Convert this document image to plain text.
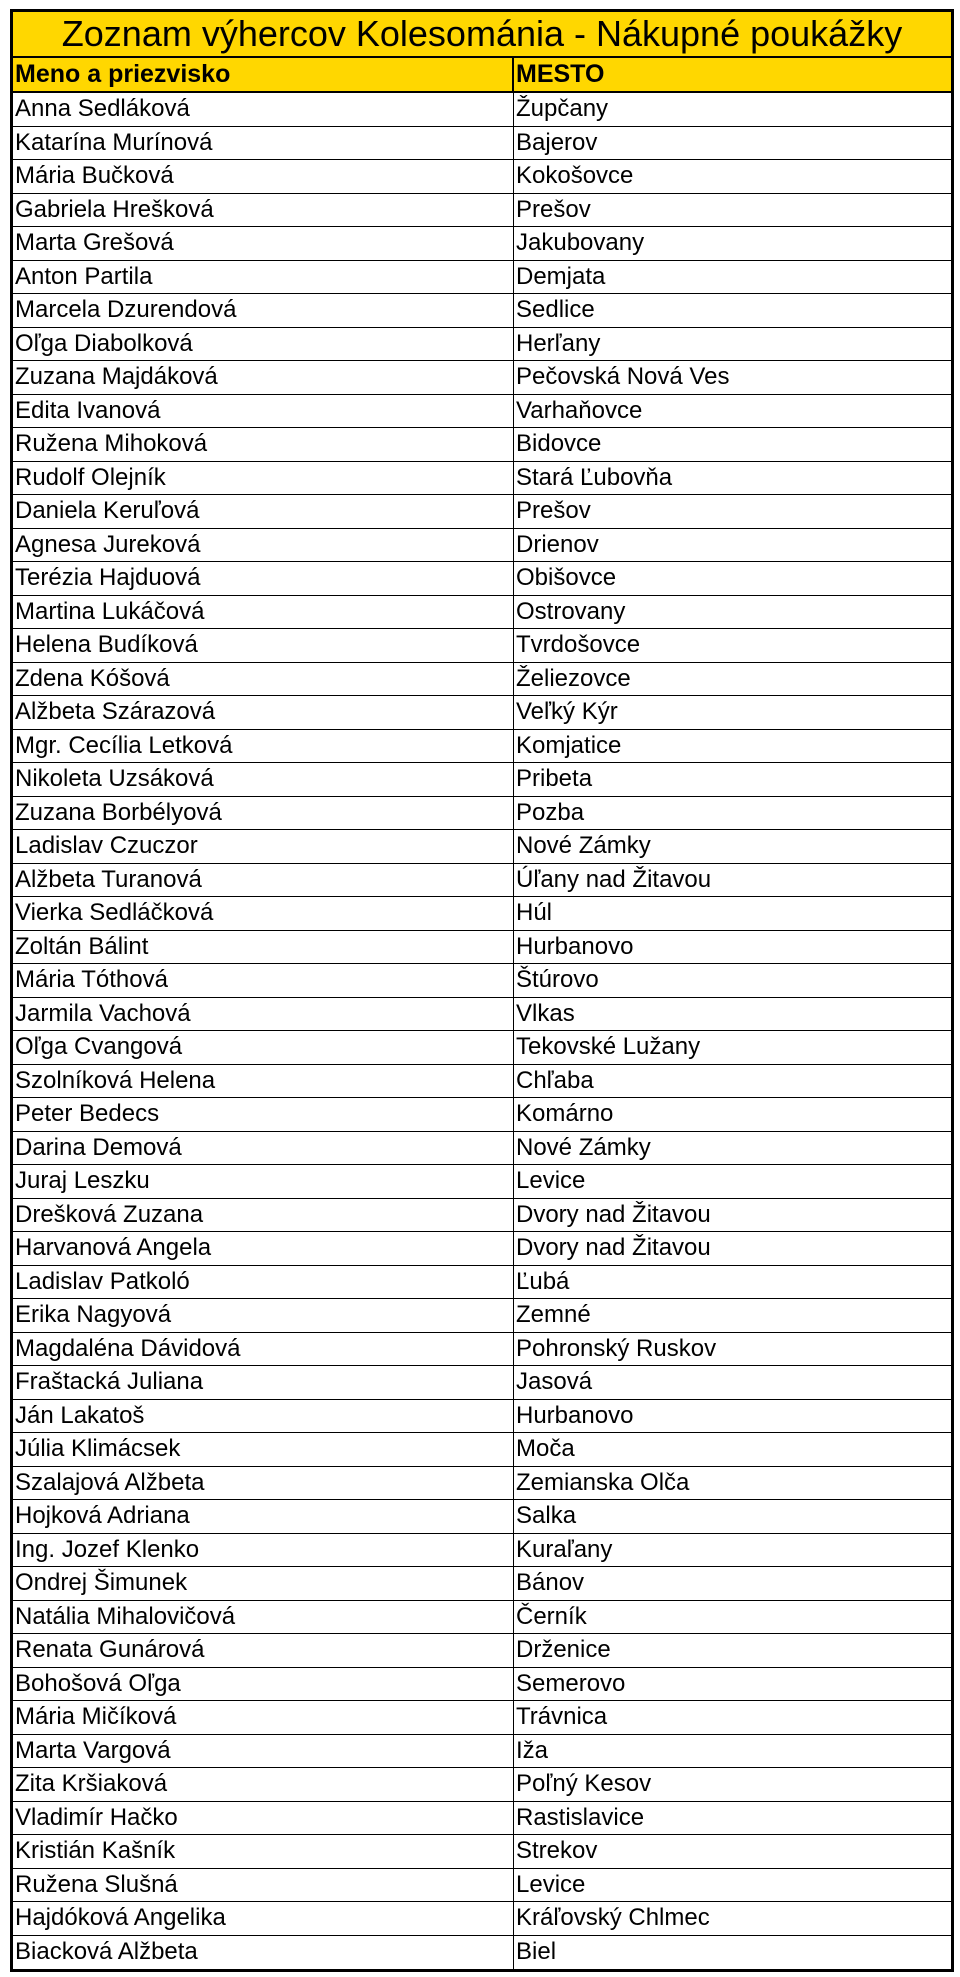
Zoznam výhercov Kolesománia - Nákupné poukážky
Meno a priezvisko	MESTO
Anna Sedláková	Župčany
Katarína Murínová	Bajerov
Mária Bučková	Kokošovce
Gabriela Hrešková	Prešov
Marta Grešová	Jakubovany
Anton Partila	Demjata
Marcela Dzurendová	Sedlice
Oľga Diabolková	Herľany
Zuzana Majdáková	Pečovská Nová Ves
Edita Ivanová	Varhaňovce
Ružena Mihoková	Bidovce
Rudolf Olejník	Stará Ľubovňa
Daniela Keruľová	Prešov
Agnesa Jureková	Drienov
Terézia Hajduová	Obišovce
Martina Lukáčová	Ostrovany
Helena Budíková	Tvrdošovce
Zdena Kóšová	Želiezovce
Alžbeta Szárazová	Veľký Kýr
Mgr. Cecília Letková	Komjatice
Nikoleta Uzsáková	Pribeta
Zuzana Borbélyová	Pozba
Ladislav Czuczor	Nové Zámky
Alžbeta Turanová	Úľany nad Žitavou
Vierka Sedláčková	Húl
Zoltán Bálint	Hurbanovo
Mária Tóthová	Štúrovo
Jarmila Vachová	Vlkas
Oľga Cvangová	Tekovské Lužany
Szolníková Helena	Chľaba
Peter Bedecs	Komárno
Darina Demová	Nové Zámky
Juraj Leszku	Levice
Drešková Zuzana	Dvory nad Žitavou
Harvanová Angela	Dvory nad Žitavou
Ladislav Patkoló	Ľubá
Erika Nagyová	Zemné
Magdaléna Dávidová	Pohronský Ruskov
Fraštacká Juliana	Jasová
Ján Lakatoš	Hurbanovo
Júlia Klimácsek	Moča
Szalajová Alžbeta	Zemianska Olča
Hojková Adriana	Salka
Ing. Jozef Klenko	Kuraľany
Ondrej Šimunek	Bánov
Natália Mihalovičová	Černík
Renata Gunárová	Drženice
Bohošová Oľga	Semerovo
Mária Mičíková	Trávnica
Marta Vargová	Iža
Zita Kršiaková	Poľný Kesov
Vladimír Hačko	Rastislavice
Kristián Kašník	Strekov
Ružena Slušná	Levice
Hajdóková Angelika	Kráľovský Chlmec
Biacková Alžbeta	Biel
